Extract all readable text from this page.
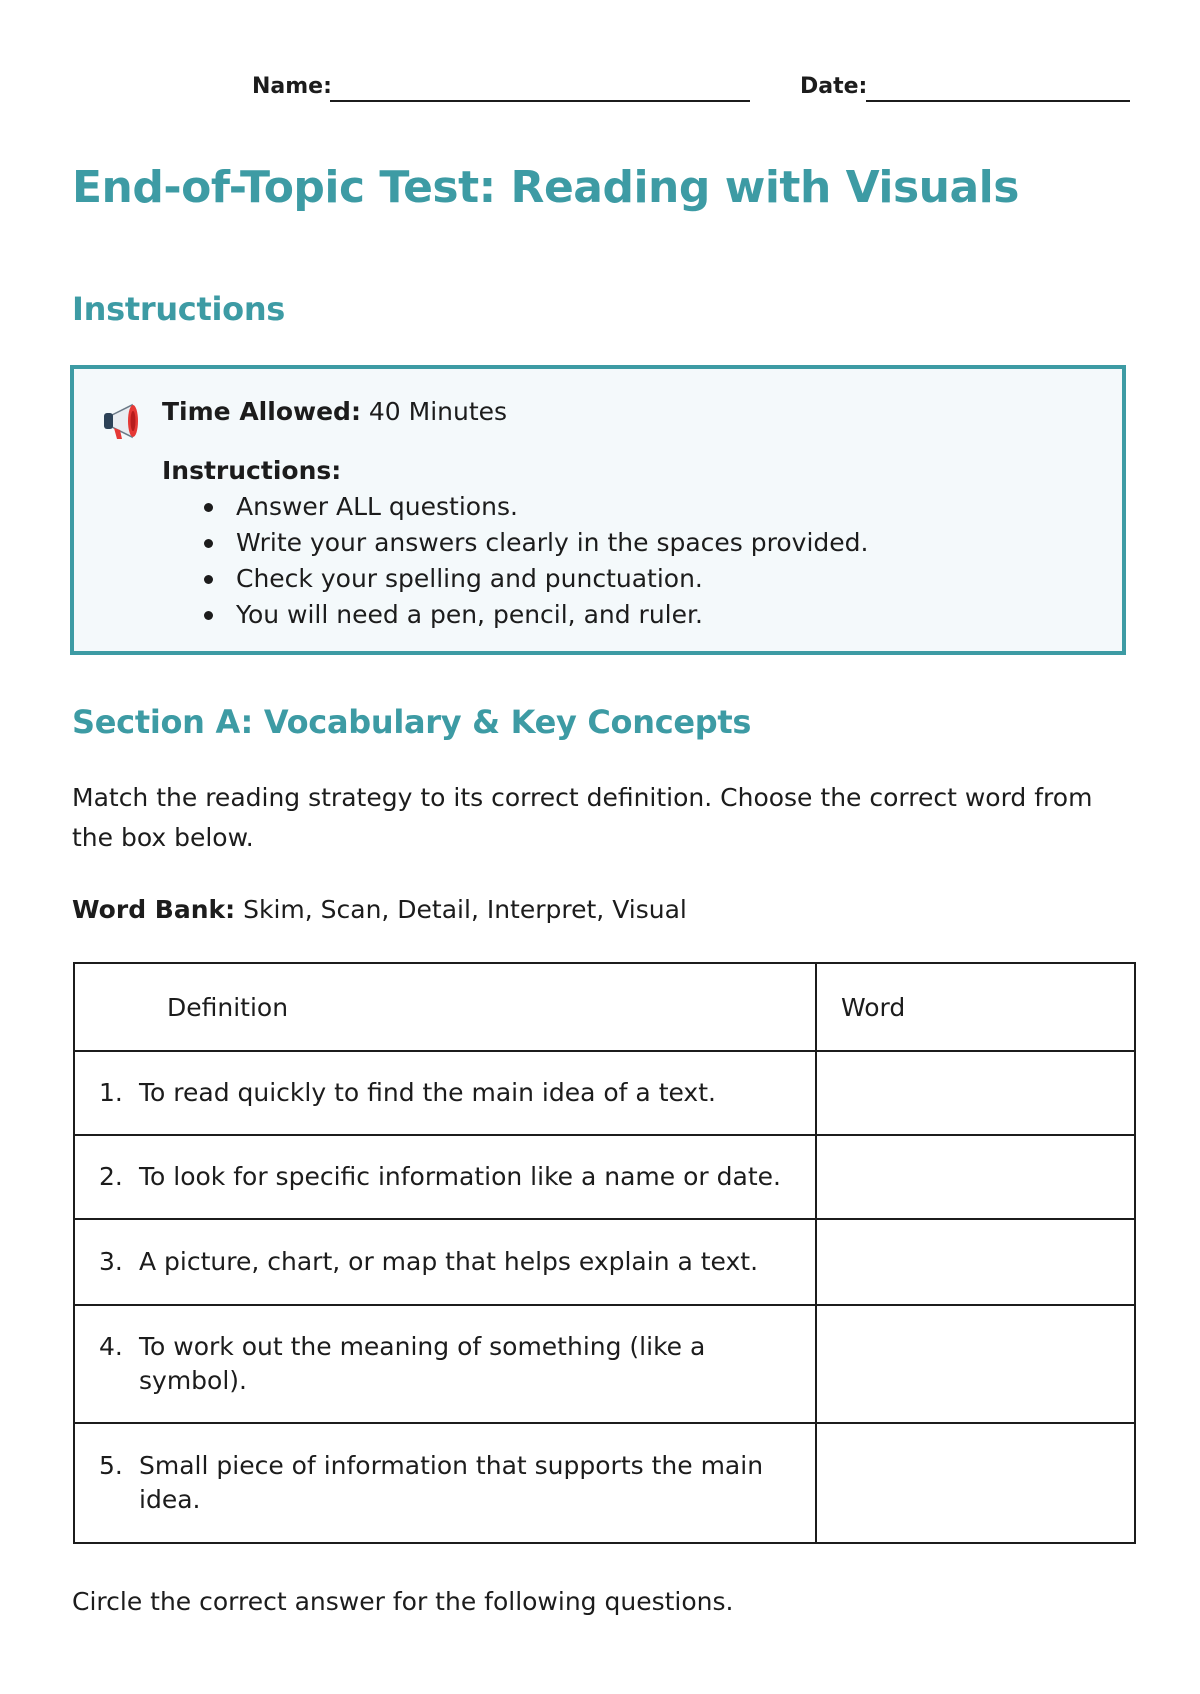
Name:	Date:
End-of-Topic Test: Reading with Visuals
Instructions
Time Allowed: 40 Minutes
Instructions:
Answer ALL questions.
Write your answers clearly in the spaces provided.
Check your spelling and punctuation.
You will need a pen, pencil, and ruler.
Section A: Vocabulary & Key Concepts

Match the reading strategy to its correct definition. Choose the correct word from the box below.

Word Bank: Skim, Scan, Detail, Interpret, Visual
Definition	Word

1. To read quickly to find the main idea of a text.	

2. To look for specific information like a name or date.	

3. A picture, chart, or map that helps explain a text.	

4. To work out the meaning of something (like a symbol).	

5. Small piece of information that supports the main idea.	

Circle the correct answer for the following questions.
